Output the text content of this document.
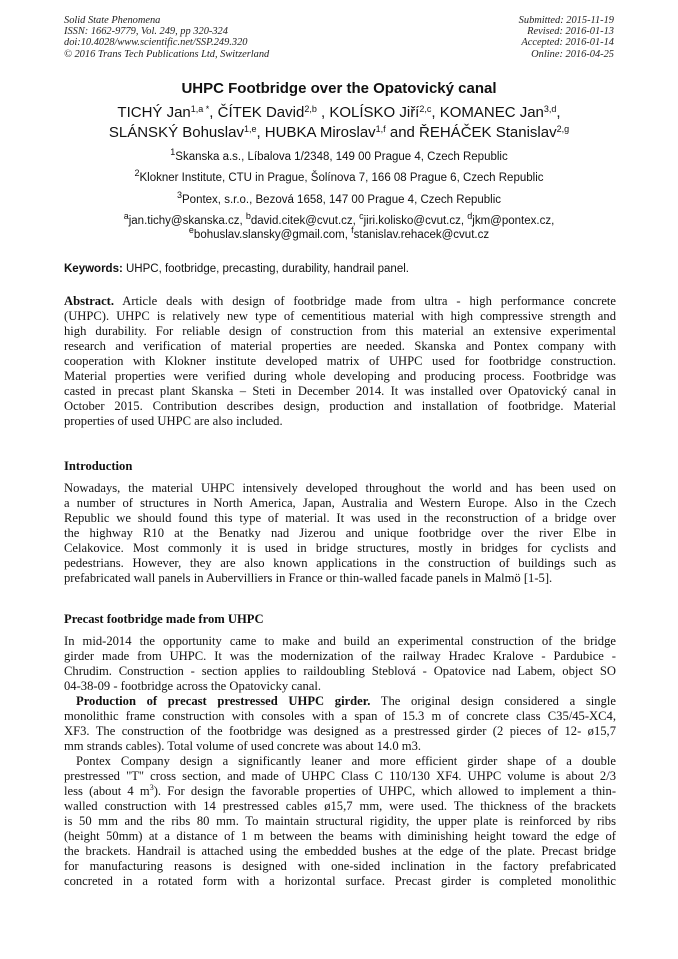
Solid State Phenomena
ISSN: 1662-9779, Vol. 249, pp 320-324
doi:10.4028/www.scientific.net/SSP.249.320
© 2016 Trans Tech Publications Ltd, Switzerland
Submitted: 2015-11-19
Revised: 2016-01-13
Accepted: 2016-01-14
Online: 2016-04-25
UHPC Footbridge over the Opatovický canal
TICHÝ Jan$^{1,a *}$, ČÍTEK David$^{2,b}$ , KOLÍSKO Jiří$^{2,c}$, KOMANEC Jan$^{3,d}$,
SLÁNSKÝ Bohuslav$^{1,e}$, HUBKA Miroslav$^{1,f}$ and ŘEHÁČEK Stanislav$^{2,g}$
$^1$Skanska a.s., Líbalova 1/2348, 149 00 Prague 4, Czech Republic
$^2$Klokner Institute, CTU in Prague, Šolínova 7, 166 08 Prague 6, Czech Republic
$^3$Pontex, s.r.o., Bezová 1658, 147 00 Prague 4, Czech Republic
$^a$jan.tichy@skanska.cz, $^b$david.citek@cvut.cz, $^c$jiri.kolisko@cvut.cz, $^d$jkm@pontex.cz,
$^e$bohuslav.slansky@gmail.com, $^f$stanislav.rehacek@cvut.cz
Keywords: UHPC, footbridge, precasting, durability, handrail panel.
Abstract. Article deals with design of footbridge made from ultra - high performance concrete
(UHPC). UHPC is relatively new type of cementitious material with high compressive strength and
high durability. For reliable design of construction from this material an extensive experimental
research and verification of material properties are needed. Skanska and Pontex company with
cooperation with Klokner institute developed matrix of UHPC used for footbridge construction.
Material properties were verified during whole developing and producing process. Footbridge was
casted in precast plant Skanska – Steti in December 2014. It was installed over Opatovický canal in
October 2015. Contribution describes design, production and installation of footbridge. Material
properties of used UHPC are also included.
Introduction
Nowadays, the material UHPC intensively developed throughout the world and has been used on
a number of structures in North America, Japan, Australia and Western Europe. Also in the Czech
Republic we should found this type of material. It was used in the reconstruction of a bridge over
the highway R10 at the Benatky nad Jizerou and unique footbridge over the river Elbe in
Celakovice. Most commonly it is used in bridge structures, mostly in bridges for cyclists and
pedestrians. However, they are also known applications in the construction of buildings such as
prefabricated wall panels in Aubervilliers in France or thin-walled facade panels in Malmö [1-5].
Precast footbridge made from UHPC
In mid-2014 the opportunity came to make and build an experimental construction of the bridge
girder made from UHPC. It was the modernization of the railway Hradec Kralove - Pardubice -
Chrudim. Construction - section applies to raildoubling Steblová - Opatovice nad Labem, object SO
04-38-09 - footbridge across the Opatovicky canal.
Production of precast prestressed UHPC girder. The original design considered a single
monolithic frame construction with consoles with a span of 15.3 m of concrete class C35/45-XC4,
XF3. The construction of the footbridge was designed as a prestressed girder (2 pieces of 12- ø15,7
mm strands cables). Total volume of used concrete was about 14.0 m3.
Pontex Company design a significantly leaner and more efficient girder shape of a double
prestressed "T" cross section, and made of UHPC Class C 110/130 XF4. UHPC volume is about 2/3
less (about 4 $m^3$). For design the favorable properties of UHPC, which allowed to implement a thin-
walled construction with 14 prestressed cables ø15,7 mm, were used. The thickness of the brackets
is 50 mm and the ribs 80 mm. To maintain structural rigidity, the upper plate is reinforced by ribs
(height 50mm) at a distance of 1 m between the beams with diminishing height toward the edge of
the brackets. Handrail is attached using the embedded bushes at the edge of the plate. Precast bridge
for manufacturing reasons is designed with one-sided inclination in the factory prefabricated
concreted in a rotated form with a horizontal surface. Precast girder is completed monolithic
